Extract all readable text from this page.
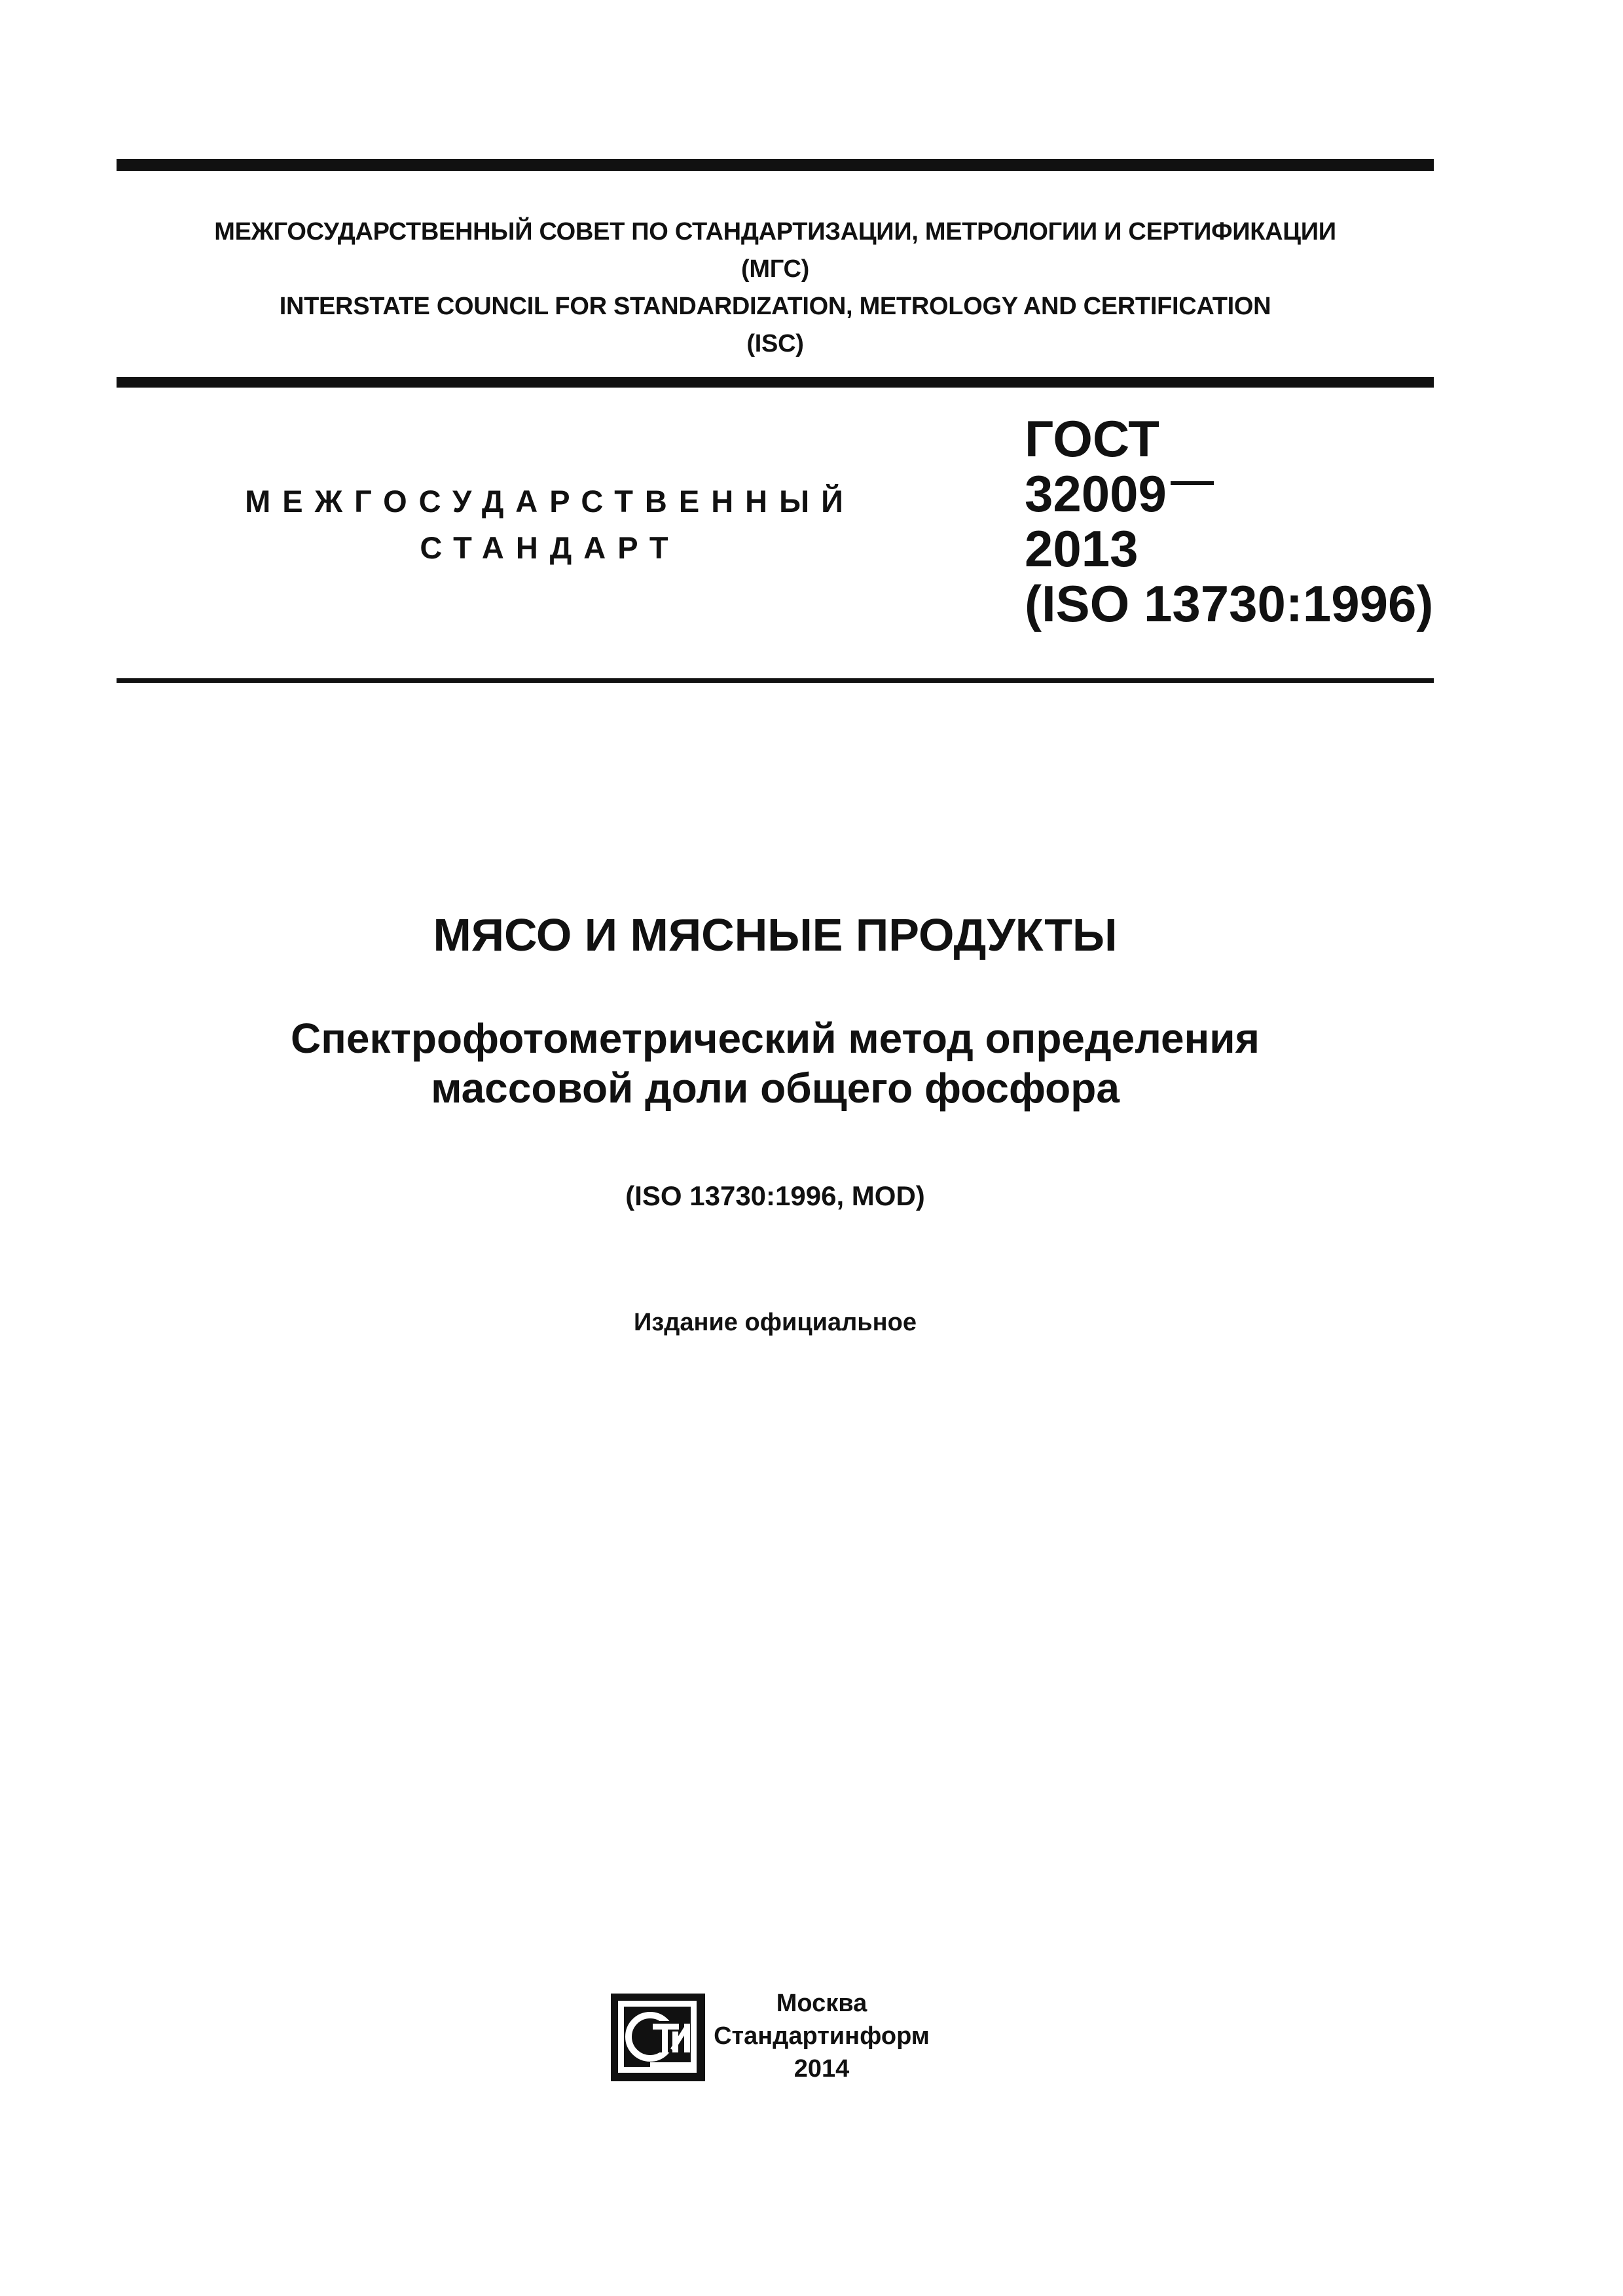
МЕЖГОСУДАРСТВЕННЫЙ СОВЕТ ПО СТАНДАРТИЗАЦИИ, МЕТРОЛОГИИ И СЕРТИФИКАЦИИ
(МГС)
INTERSTATE COUNCIL FOR STANDARDIZATION, METROLOGY AND CERTIFICATION
(ISC)
МЕЖГОСУДАРСТВЕННЫЙ
СТАНДАРТ
ГОСТ
32009
2013
(ISO 13730:1996)
МЯСО И МЯСНЫЕ ПРОДУКТЫ
Спектрофотометрический метод определения
массовой доли общего фосфора
(ISO 13730:1996, MOD)
Издание официальное
Москва
Стандартинформ
2014
